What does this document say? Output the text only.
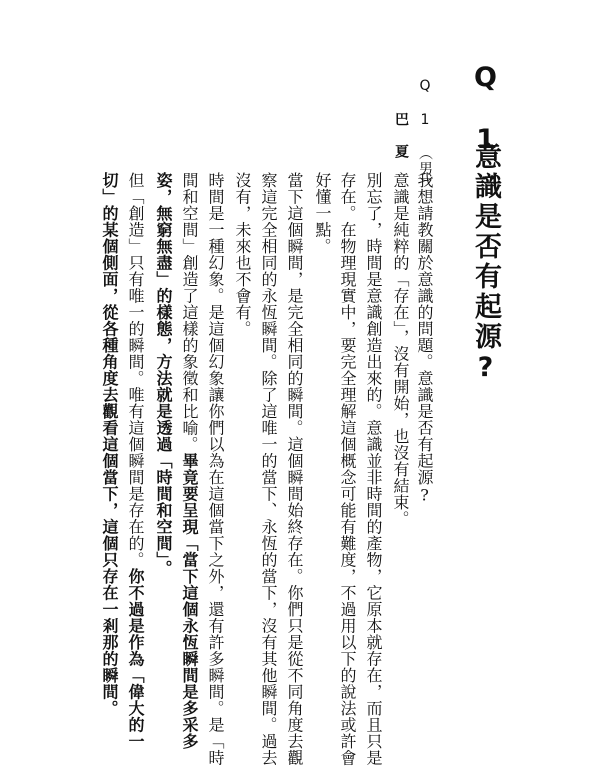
Q 1
意識是否有起源?
Q 1 （男）
巴 夏
我想請教關於意識的問題。意識是否有起源?
意識是純粹的「存在」，沒有開始，也沒有結束。
別忘了，時間是意識創造出來的。意識並非時間的產物，它原本就存在，而且只是
存在。在物理現實中，要完全理解這個概念可能有難度，不過用以下的說法或許會
好懂一點。
當下這個瞬間，是完全相同的瞬間。這個瞬間始終存在。你們只是從不同角度去觀
察這完全相同的永恆瞬間。除了這唯一的當下、永恆的當下，沒有其他瞬間。過去
沒有，未來也不會有。
時間是一種幻象。是這個幻象讓你們以為在這個當下之外，還有許多瞬間。是「時
間和空間」創造了這樣的象徵和比喻。畢竟要呈現「當下這個永恆瞬間是多采多
姿，無窮無盡」的樣態，方法就是透過「時間和空間」。
但「創造」只有唯一的瞬間。唯有這個瞬間是存在的。你不過是作為「偉大的一
切」的某個側面，從各種角度去觀看這個當下，這個只存在一剎那的瞬間。
